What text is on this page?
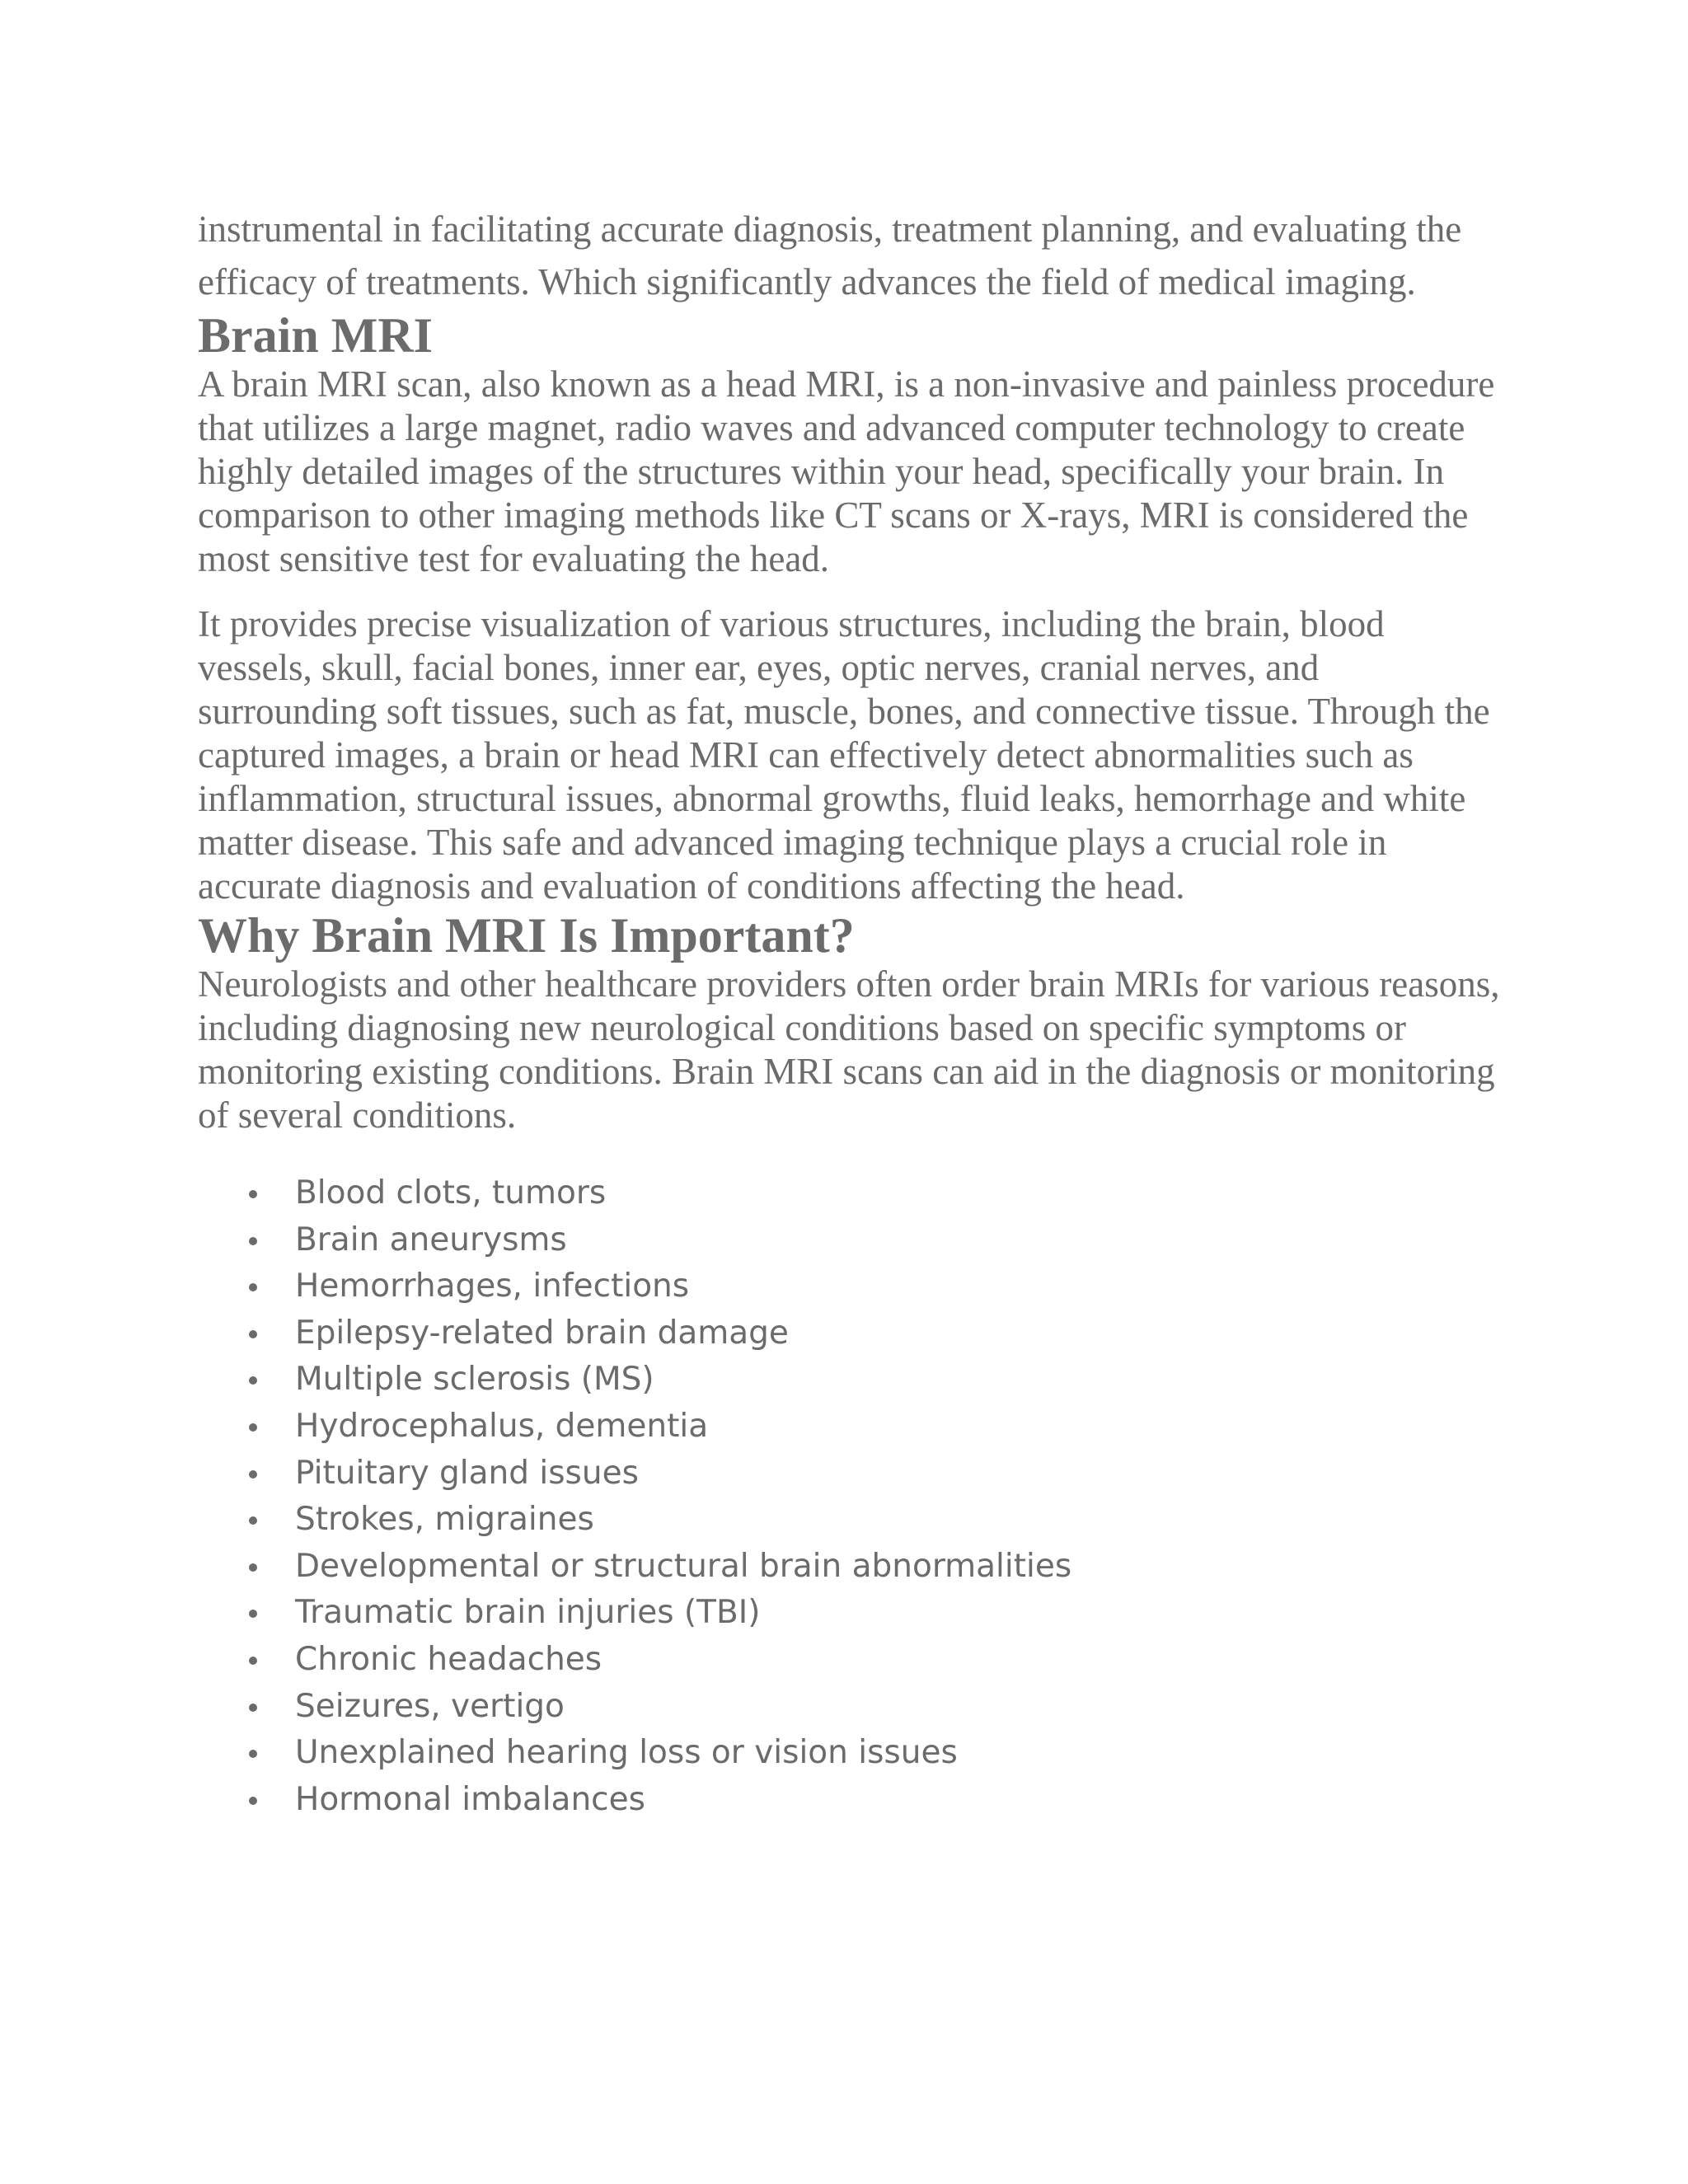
instrumental in facilitating accurate diagnosis, treatment planning, and evaluating the efficacy of treatments. Which significantly advances the field of medical imaging.

Brain MRI

A brain MRI scan, also known as a head MRI, is a non-invasive and painless procedure that utilizes a large magnet, radio waves and advanced computer technology to create highly detailed images of the structures within your head, specifically your brain. In comparison to other imaging methods like CT scans or X-rays, MRI is considered the most sensitive test for evaluating the head.

It provides precise visualization of various structures, including the brain, blood vessels, skull, facial bones, inner ear, eyes, optic nerves, cranial nerves, and surrounding soft tissues, such as fat, muscle, bones, and connective tissue. Through the captured images, a brain or head MRI can effectively detect abnormalities such as inflammation, structural issues, abnormal growths, fluid leaks, hemorrhage and white matter disease. This safe and advanced imaging technique plays a crucial role in accurate diagnosis and evaluation of conditions affecting the head.

Why Brain MRI Is Important?

Neurologists and other healthcare providers often order brain MRIs for various reasons, including diagnosing new neurological conditions based on specific symptoms or monitoring existing conditions. Brain MRI scans can aid in the diagnosis or monitoring of several conditions.

Blood clots, tumors
Brain aneurysms
Hemorrhages, infections
Epilepsy-related brain damage
Multiple sclerosis (MS)
Hydrocephalus, dementia
Pituitary gland issues
Strokes, migraines
Developmental or structural brain abnormalities
Traumatic brain injuries (TBI)
Chronic headaches
Seizures, vertigo
Unexplained hearing loss or vision issues
Hormonal imbalances
